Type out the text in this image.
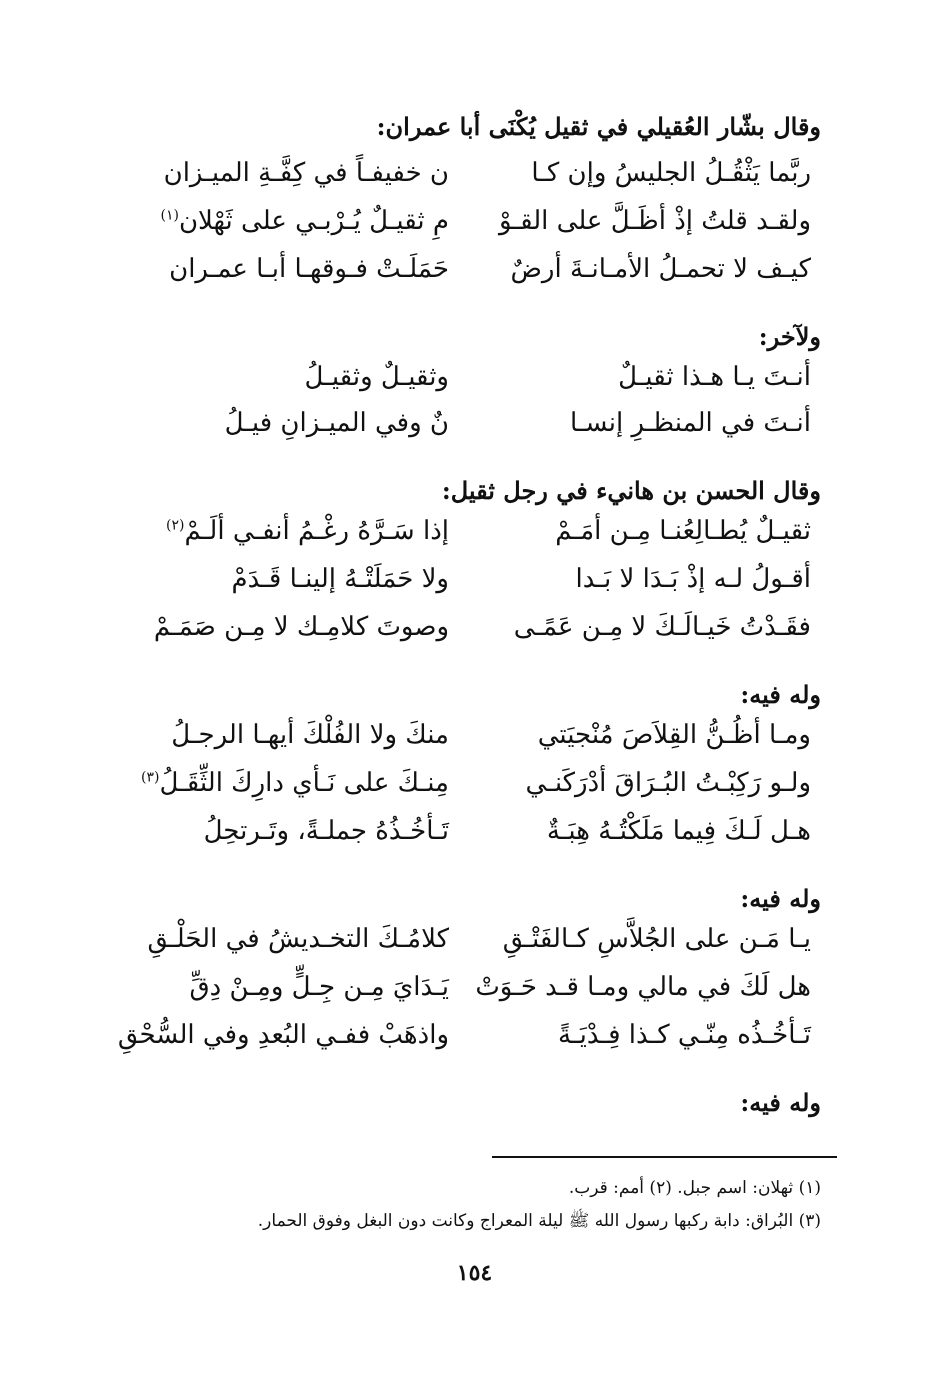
وقال بشّار العُقيلي في ثقيل يُكْنَى أبا عمران:
ربَّما يَثْقُـلُ الجليسُ وإن كـا
ن خفيفـاً في كِفَّـةِ الميـزان
ولقـد قلتُ إذْ أظَـلَّ على القـوْ
مِ ثقيـلٌ يُـرْبـي على ثَهْلان$^{(١)}$
كيـف لا تحمـلُ الأمـانـةَ أرضٌ
حَمَلَـتْ فـوقهـا أبـا عمـران
ولآخر:
أنـتَ يـا هـذا ثقيـلٌ
وثقيـلٌ وثقيـلُ
أنـتَ في المنظـرِ إنسـا
نٌ وفي الميـزانِ فيـلُ
وقال الحسن بن هانيء في رجل ثقيل:
ثقيـلٌ يُطـالِعُنـا مِـن أمَـمْ
إذا سَـرَّهُ رغْـمُ أنفـي ألَـمْ$^{(٢)}$
أقـولُ لـه إذْ بَـدَا لا بَـدا
ولا حَمَلَتْـهُ إلينـا قَـدَمْ
فقَـدْتُ خَيـالَـكَ لا مِـن عَمًـى
وصوتَ كلامِـك لا مِـن صَمَـمْ
وله فيه:
ومـا أظُـنُّ القِلاَصَ مُنْجيَتي
منكَ ولا الفُلْكَ أيهـا الرجـلُ
ولـو رَكِبْـتُ البُـرَاقَ أدْرَكَنـي
مِنـكَ على نَـأي دارِكَ الثِّقَـلُ$^{(٣)}$
هـل لَـكَ فِيما مَلَكْتُـهُ هِبَـةٌ
تَـأخُـذُهُ جملـةً، وتَـرتحِلُ
وله فيه:
يـا مَـن على الجُلاَّسِ كـالفَتْـقِ
كلامُـكَ التخـديشُ في الحَلْـقِ
هل لَكَ في مالي ومـا قـد حَـوَتْ
يَـدَايَ مِـن جِـلٍّ ومِـنْ دِقِّ
تَـأخُـذُه مِنّـي كـذا فِـدْيَـةً
واذهَبْ ففـي البُعدِ وفي السُّحْقِ
وله فيه:
(١) ثهلان: اسم جبل. (٢) أمم: قرب.
(٣) البُراق: دابة ركبها رسول الله ﷺ ليلة المعراج وكانت دون البغل وفوق الحمار.
١٥٤
